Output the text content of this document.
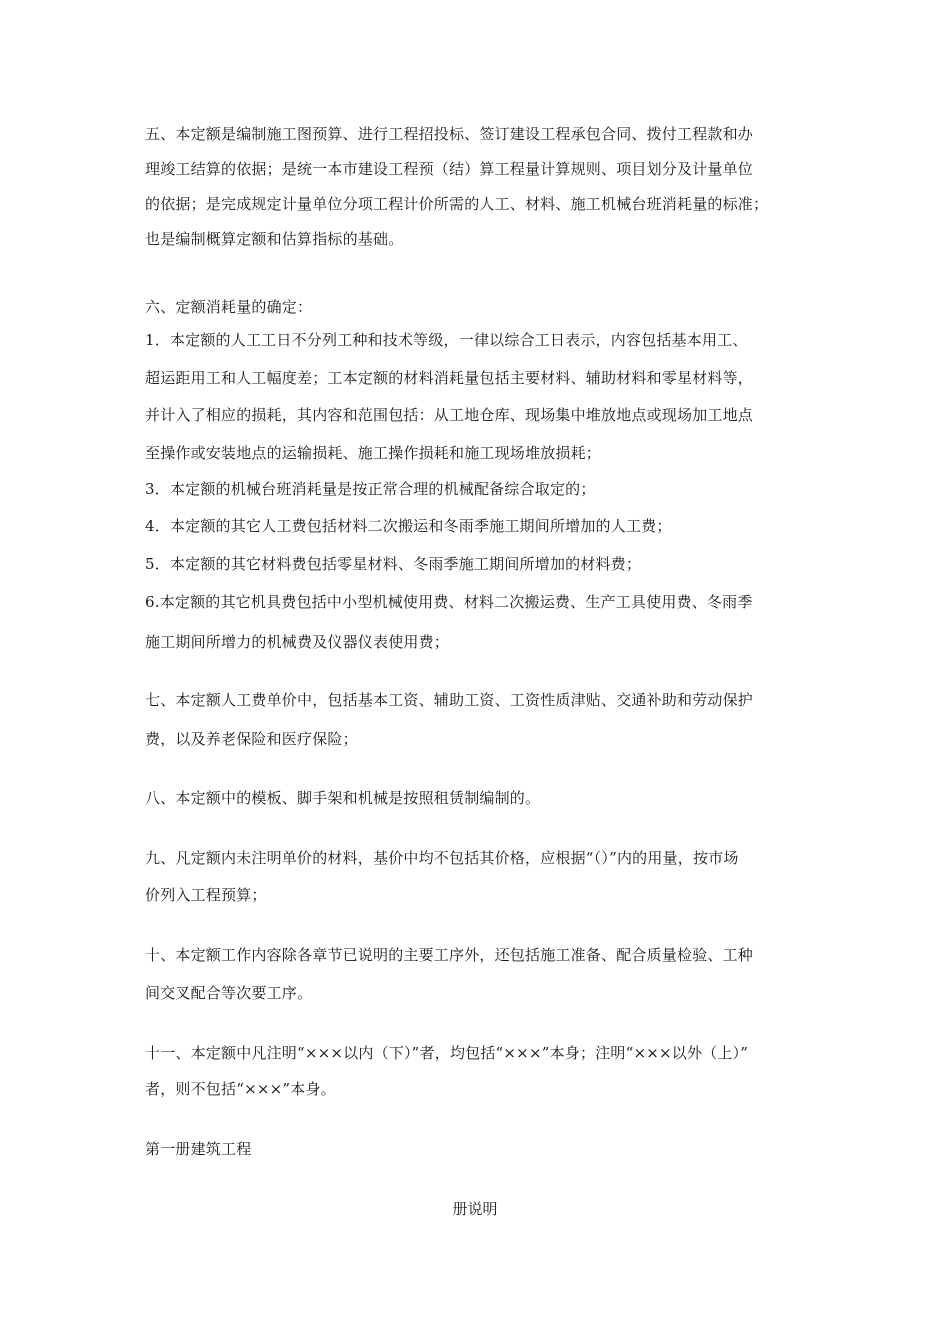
五、本定额是编制施工图预算、进行工程招投标、签订建设工程承包合同、拨付工程款和办
理竣工结算的依据；是统一本市建设工程预（结）算工程量计算规则、项目划分及计量单位
的依据；是完成规定计量单位分项工程计价所需的人工、材料、施工机械台班消耗量的标准；
也是编制概算定额和估算指标的基础。
六、定额消耗量的确定：
1．本定额的人工工日不分列工种和技术等级，一律以综合工日表示，内容包括基本用工、
超运距用工和人工幅度差；工本定额的材料消耗量包括主要材料、辅助材料和零星材料等，
并计入了相应的损耗，其内容和范围包括：从工地仓库、现场集中堆放地点或现场加工地点
至操作或安装地点的运输损耗、施工操作损耗和施工现场堆放损耗；
3．本定额的机械台班消耗量是按正常合理的机械配备综合取定的；
4．本定额的其它人工费包括材料二次搬运和冬雨季施工期间所增加的人工费；
5．本定额的其它材料费包括零星材料、冬雨季施工期间所增加的材料费；
6.本定额的其它机具费包括中小型机械使用费、材料二次搬运费、生产工具使用费、冬雨季
施工期间所增力的机械费及仪器仪表使用费；
七、本定额人工费单价中，包括基本工资、辅助工资、工资性质津贴、交通补助和劳动保护
费，以及养老保险和医疗保险；
八、本定额中的模板、脚手架和机械是按照租赁制编制的。
九、凡定额内未注明单价的材料，基价中均不包括其价格，应根据“（）”内的用量，按市场
价列入工程预算；
十、本定额工作内容除各章节已说明的主要工序外，还包括施工准备、配合质量检验、工种
间交叉配合等次要工序。
十一、本定额中凡注明“×××以内（下）”者，均包括“×××”本身；注明“×××以外（上）”
者，则不包括“×××”本身。
第一册建筑工程
册说明
